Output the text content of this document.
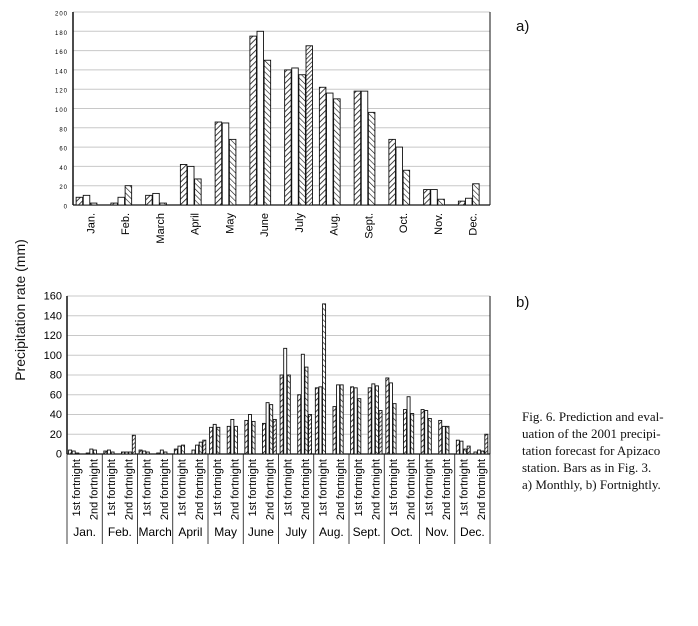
0
20
40
60
80
100
120
140
160
180
200
Jan. Feb. March April May June July Aug. Sept. Oct. Nov. Dec.
0
20
40
60
80
100
120
140
160
1st fortnight 2nd fortnight 1st fortnight 2nd fortnight 1st fortnight 2nd fortnight 1st fortnight 2nd fortnight 1st fortnight 2nd fortnight 1st fortnight 2nd fortnight 1st fortnight 2nd fortnight 1st fortnight 2nd fortnight 1st fortnight 2nd fortnight 1st fortnight 2nd fortnight 1st fortnight 2nd fortnight 1st fortnight 2nd fortnight
Jan. Feb. March April May June July Aug. Sept. Oct. Nov. Dec.
a)
b)
Precipitation rate (mm)

Fig. 6. Prediction and eval-
uation of the 2001 precipi-
tation forecast for Apizaco
station. Bars as in Fig. 3.
a) Monthly, b) Fortnightly.
